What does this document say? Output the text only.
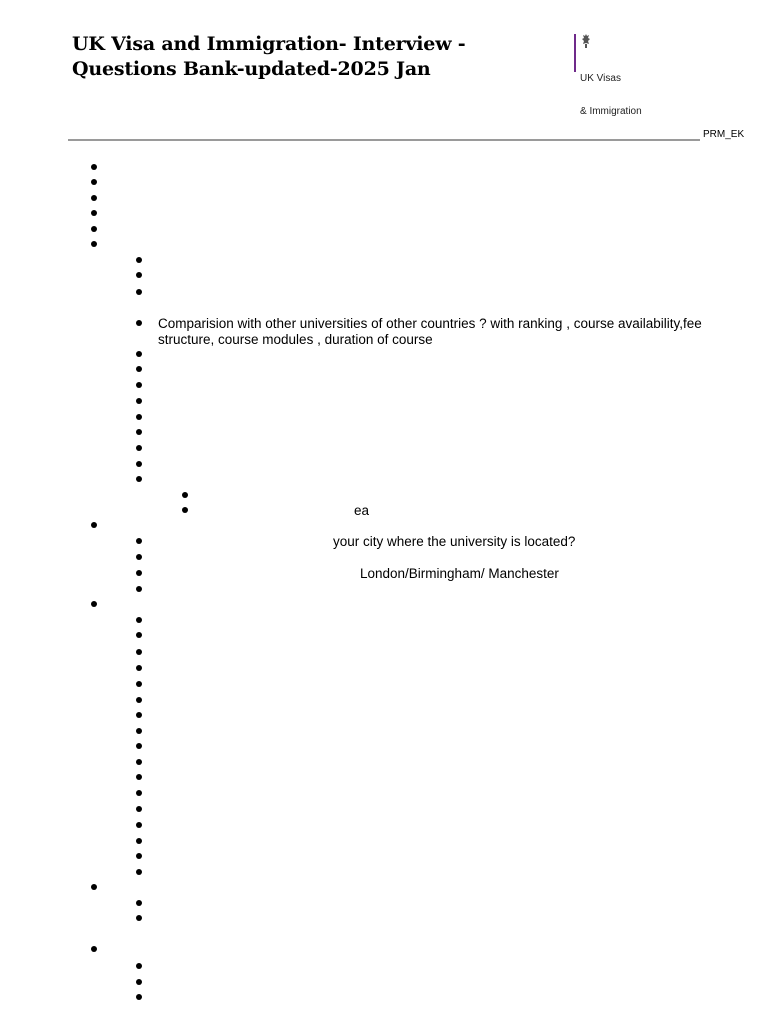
UK Visa and Immigration- Interview -
Questions Bank-updated-2025 Jan

	UK Visas

& Immigration

PRM_EK
Comparision with other universities of other countries ? with ranking , course availability,fee
structure, course modules , duration of course
ea
your city where the university is located?
London/Birmingham/ Manchester
